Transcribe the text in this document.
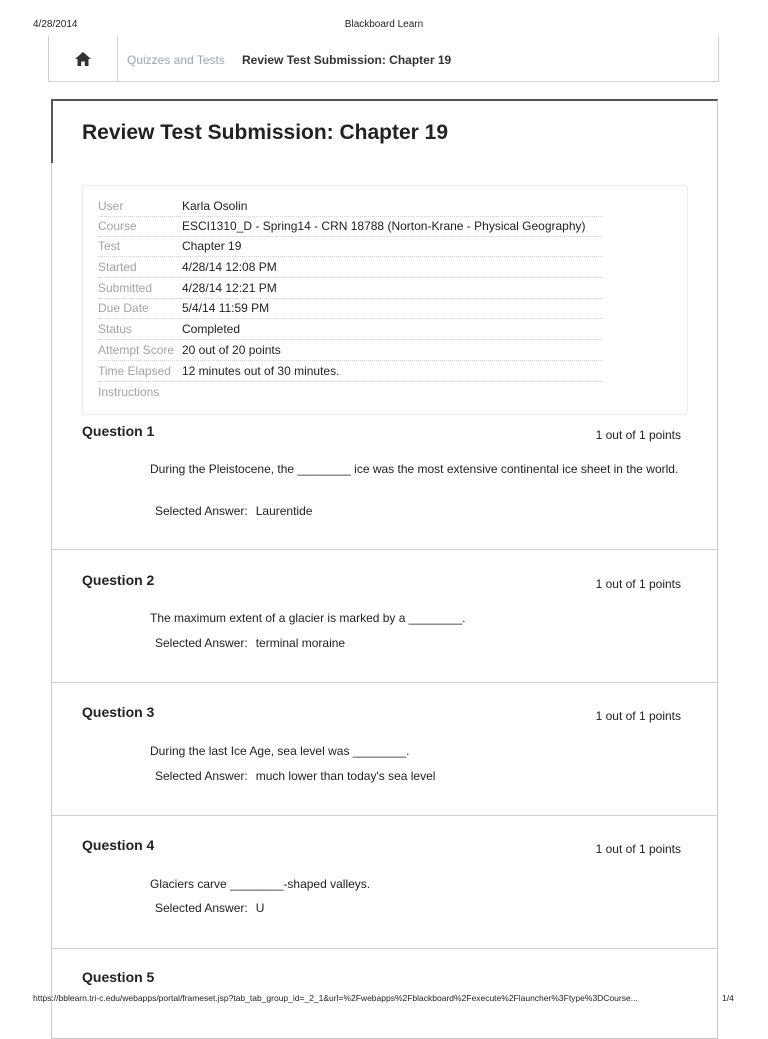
4/28/2014	Blackboard Learn
Quizzes and Tests Review Test Submission: Chapter 19
Review Test Submission: Chapter 19
User	Karla Osolin
Course	ESCI1310_D - Spring14 - CRN 18788 (Norton-Krane - Physical Geography)
Test	Chapter 19
Started	4/28/14 12:08 PM
Submitted 4/28/14 12:21 PM
Due Date	5/4/14 11:59 PM
Status	Completed
Attempt Score 20 out of 20 points
Time Elapsed 12 minutes out of 30 minutes.
Instructions
Question 1	1 out of 1 points
During the Pleistocene, the ________ ice was the most extensive continental ice sheet in the world.
Selected Answer: Laurentide
Question 2	1 out of 1 points
The maximum extent of a glacier is marked by a ________.
Selected Answer: terminal moraine
Question 3	1 out of 1 points
During the last Ice Age, sea level was ________.
Selected Answer: much lower than today's sea level
Question 4	1 out of 1 points
Glaciers carve ________-shaped valleys.
Selected Answer: U
Question 5
https://bblearn.tri-c.edu/webapps/portal/frameset.jsp?tab_tab_group_id=_2_1&url=%2Fwebapps%2Fblackboard%2Fexecute%2Flauncher%3Ftype%3DCourse...	1/4
